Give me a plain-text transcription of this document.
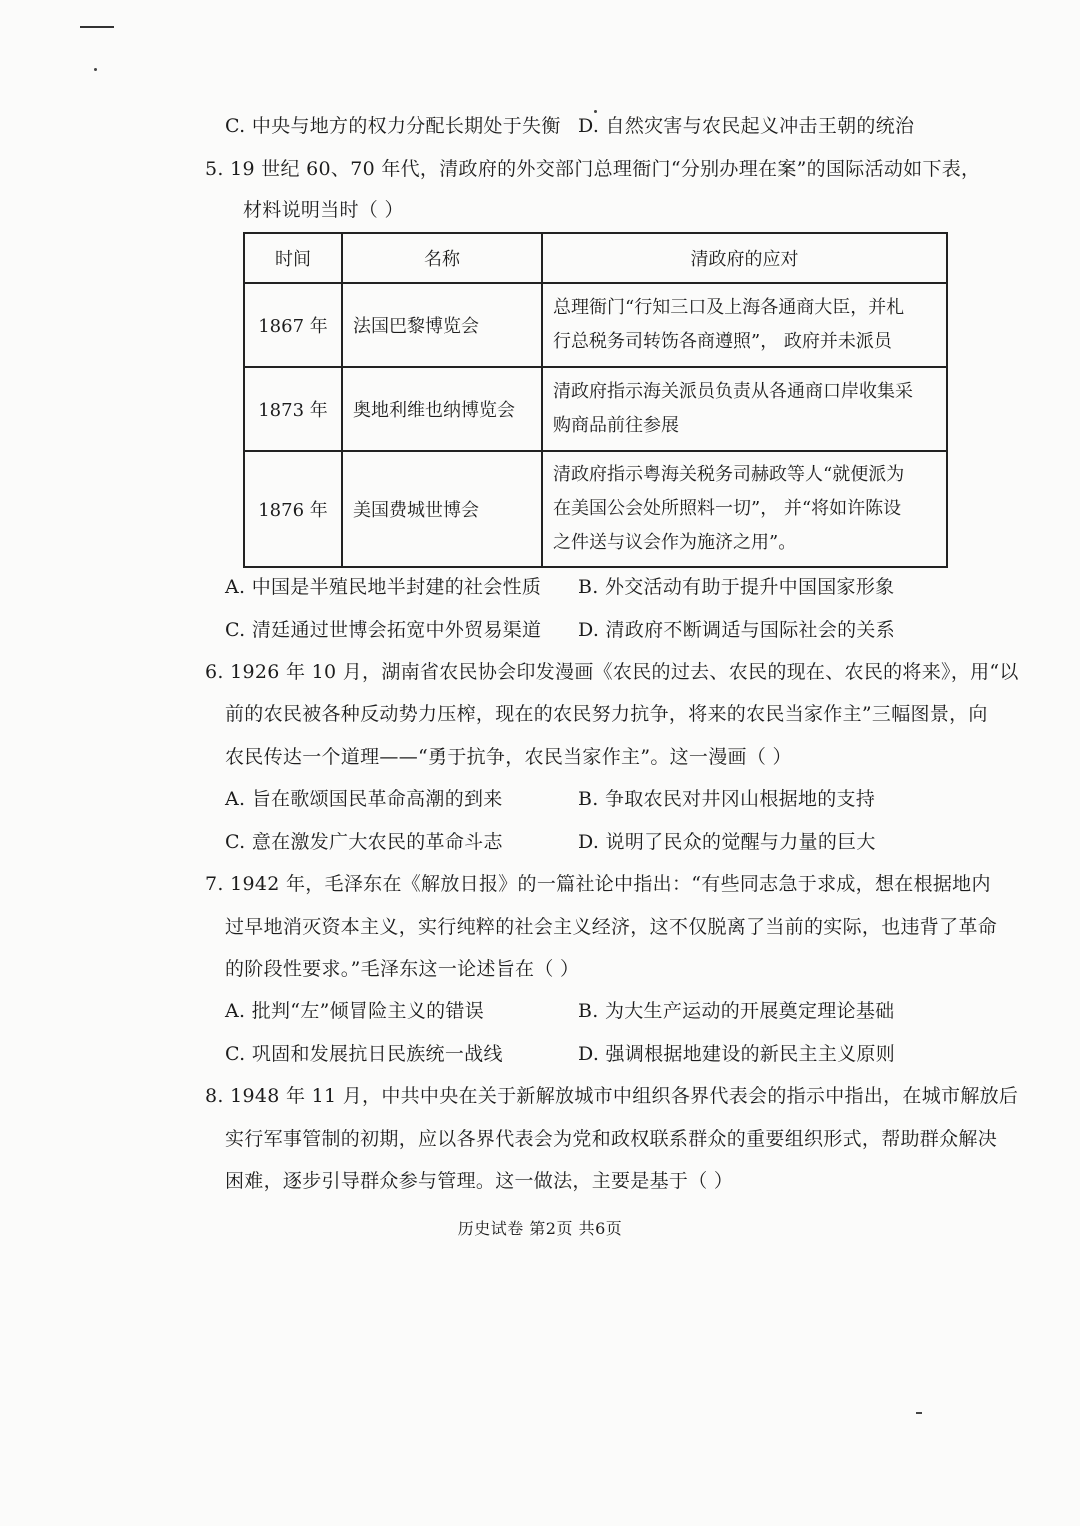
C. 中央与地方的权力分配长期处于失衡 D. 自然灾害与农民起义冲击王朝的统治
5. 19 世纪 60、70 年代，清政府的外交部门总理衙门“分别办理在案”的国际活动如下表，
材料说明当时（ ）
时间	名称	清政府的应对
1867 年	法国巴黎博览会	总理衙门“行知三口及上海各通商大臣，并札
行总税务司转饬各商遵照”， 政府并未派员

1873 年	奥地利维也纳博览会	清政府指示海关派员负责从各通商口岸收集采
购商品前往参展

1876 年	美国费城世博会	清政府指示粤海关税务司赫政等人“就便派为
在美国公会处所照料一切”， 并“将如许陈设
之件送与议会作为施济之用”。
A. 中国是半殖民地半封建的社会性质 B. 外交活动有助于提升中国国家形象
C. 清廷通过世博会拓宽中外贸易渠道 D. 清政府不断调适与国际社会的关系
6. 1926 年 10 月，湖南省农民协会印发漫画《农民的过去、农民的现在、农民的将来》，用“以
前的农民被各种反动势力压榨，现在的农民努力抗争，将来的农民当家作主”三幅图景，向
农民传达一个道理——“勇于抗争，农民当家作主”。这一漫画（ ）
A. 旨在歌颂国民革命高潮的到来	B. 争取农民对井冈山根据地的支持
C. 意在激发广大农民的革命斗志	D. 说明了民众的觉醒与力量的巨大
7. 1942 年，毛泽东在《解放日报》的一篇社论中指出：“有些同志急于求成，想在根据地内
过早地消灭资本主义，实行纯粹的社会主义经济，这不仅脱离了当前的实际，也违背了革命
的阶段性要求。”毛泽东这一论述旨在（ ）
A. 批判“左”倾冒险主义的错误	B. 为大生产运动的开展奠定理论基础
C. 巩固和发展抗日民族统一战线	D. 强调根据地建设的新民主主义原则
8. 1948 年 11 月，中共中央在关于新解放城市中组织各界代表会的指示中指出，在城市解放后
实行军事管制的初期，应以各界代表会为党和政权联系群众的重要组织形式，帮助群众解决
困难，逐步引导群众参与管理。这一做法，主要是基于（ ）
历史试卷 第2页 共6页
